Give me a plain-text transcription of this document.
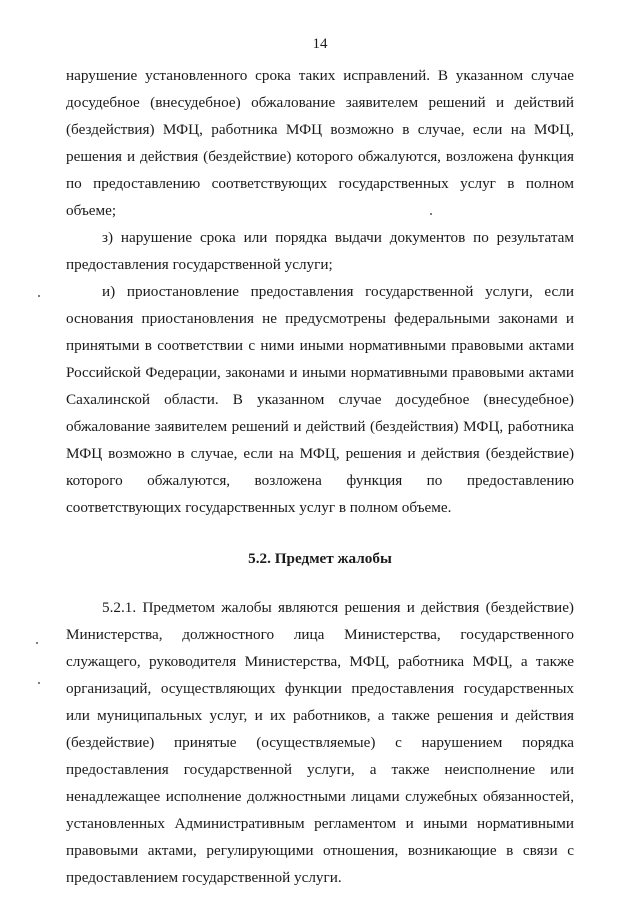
14

нарушение установленного срока таких исправлений. В указанном случае досудебное (внесудебное) обжалование заявителем решений и действий (бездействия) МФЦ, работника МФЦ возможно в случае, если на МФЦ, решения и действия (бездействие) которого обжалуются, возложена функция по предоставлению соответствующих государственных услуг в полном объеме;

з) нарушение срока или порядка выдачи документов по результатам предоставления государственной услуги;

и) приостановление предоставления государственной услуги, если основания приостановления не предусмотрены федеральными законами и принятыми в соответствии с ними иными нормативными правовыми актами Российской Федерации, законами и иными нормативными правовыми актами Сахалинской области. В указанном случае досудебное (внесудебное) обжалование заявителем решений и действий (бездействия) МФЦ, работника МФЦ возможно в случае, если на МФЦ, решения и действия (бездействие) которого обжалуются, возложена функция по предоставлению соответствующих государственных услуг в полном объеме.

5.2. Предмет жалобы

5.2.1. Предметом жалобы являются решения и действия (бездействие) Министерства, должностного лица Министерства, государственного служащего, руководителя Министерства, МФЦ, работника МФЦ, а также организаций, осуществляющих функции предоставления государственных или муниципальных услуг, и их работников, а также решения и действия (бездействие) принятые (осуществляемые) с нарушением порядка предоставления государственной услуги, а также неисполнение или ненадлежащее исполнение должностными лицами служебных обязанностей, установленных Административным регламентом и иными нормативными правовыми актами, регулирующими отношения, возникающие в связи с предоставлением государственной услуги.
